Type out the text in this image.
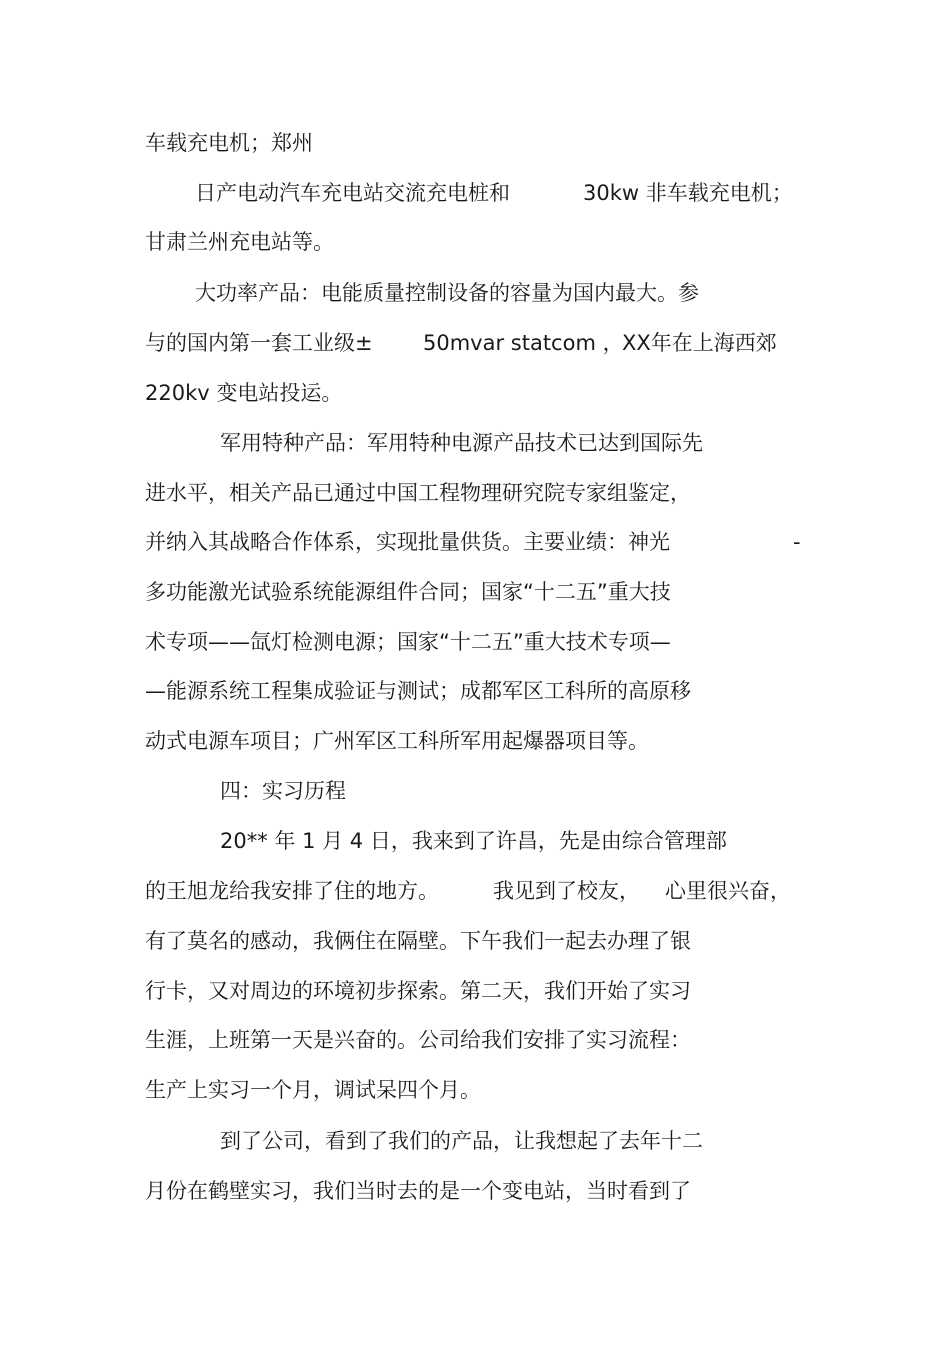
车载充电机；郑州
日产电动汽车充电站交流充电桩和	30kw 非车载充电机；
甘肃兰州充电站等。
大功率产品：电能质量控制设备的容量为国内最大。参
与的国内第一套工业级± 50mvar statcom ，
XX年在上海西郊
220kv 变电站投运。
军用特种产品：军用特种电源产品技术已达到国际先
进水平，相关产品已通过中国工程物理研究院专家组鉴定，
并纳入其战略合作体系，实现批量供货。主要业绩：神光	-
多功能激光试验系统能源组件合同；国家“十二五”重大技
术专项——氙灯检测电源；国家“十二五”重大技术专项—
—能源系统工程集成验证与测试；成都军区工科所的高原移
动式电源车项目；广州军区工科所军用起爆器项目等。
四：实习历程
20** 年 1 月 4 日，我来到了许昌，先是由综合管理部
的王旭龙给我安排了住的地方。	我见到了校友， 心里很兴奋，
有了莫名的感动，我俩住在隔壁。下午我们一起去办理了银
行卡，又对周边的环境初步探索。第二天，我们开始了实习
生涯，上班第一天是兴奋的。公司给我们安排了实习流程：
生产上实习一个月，调试呆四个月。
到了公司，看到了我们的产品，让我想起了去年十二
月份在鹤壁实习，我们当时去的是一个变电站，当时看到了
